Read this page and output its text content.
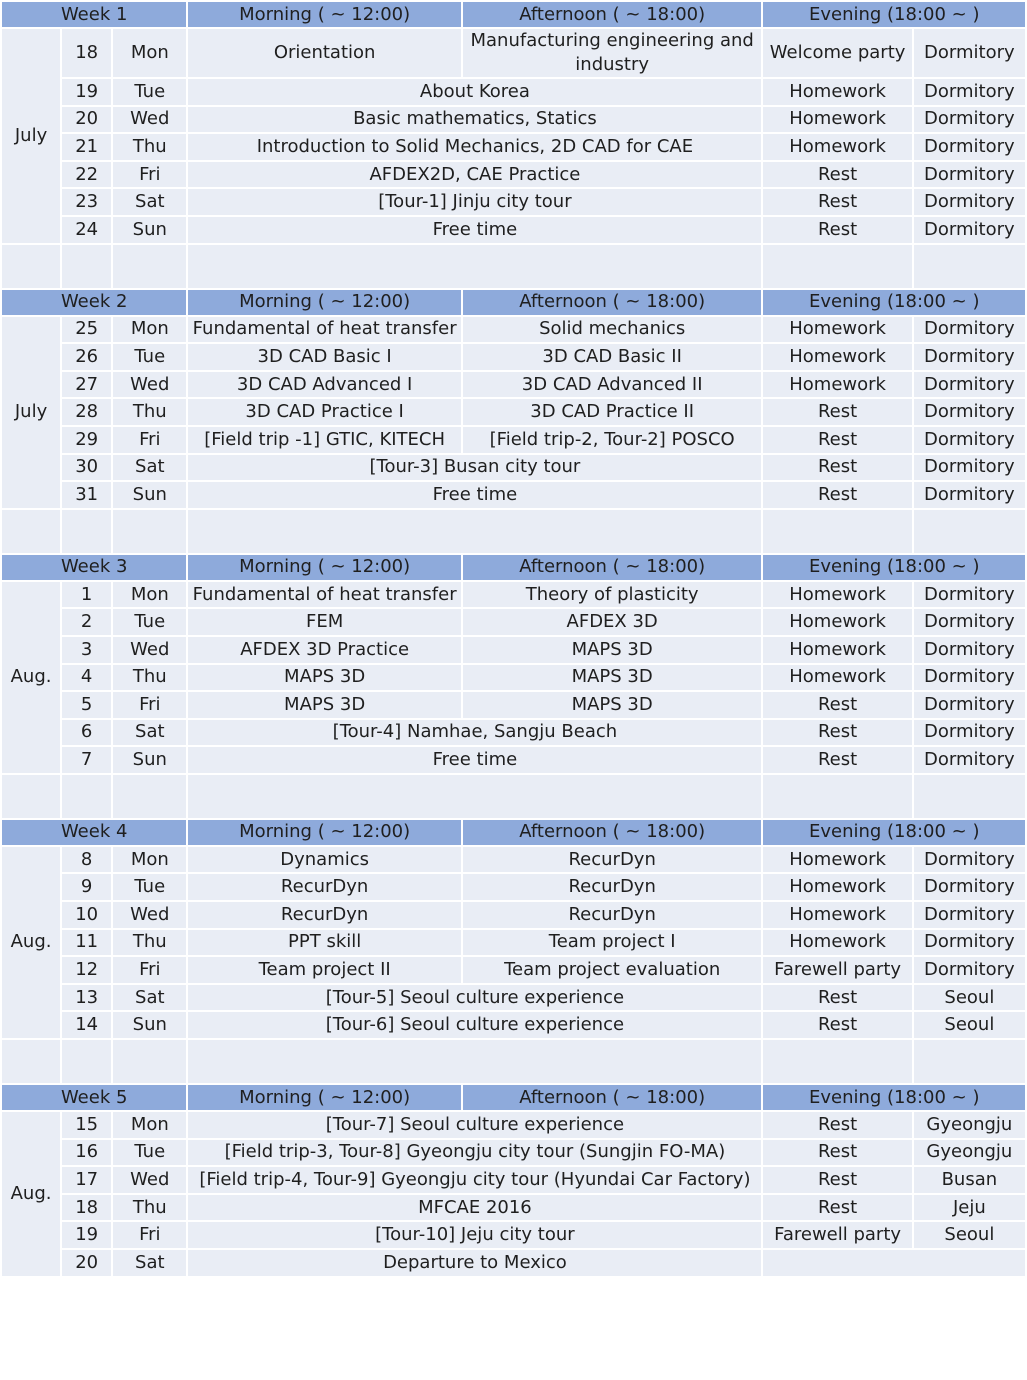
Week 1			Morning ( ~ 12:00)	Afternoon ( ~ 18:00)	Evening (18:00 ~ )	
July	18	Mon	Orientation	Manufacturing engineering and industry	Welcome party	Dormitory
	19	Tue	About Korea		Homework	Dormitory
	20	Wed	Basic mathematics, Statics		Homework	Dormitory
	21	Thu	Introduction to Solid Mechanics, 2D CAD for CAE		Homework	Dormitory
	22	Fri	AFDEX2D, CAE Practice		Rest	Dormitory
	23	Sat	[Tour-1] Jinju city tour		Rest	Dormitory
	24	Sun	Free time		Rest	Dormitory

Week 2			Morning ( ~ 12:00)	Afternoon ( ~ 18:00)	Evening (18:00 ~ )	
July	25	Mon	Fundamental of heat transfer	Solid mechanics	Homework	Dormitory
	26	Tue	3D CAD Basic I	3D CAD Basic II	Homework	Dormitory
	27	Wed	3D CAD Advanced I	3D CAD Advanced II	Homework	Dormitory
	28	Thu	3D CAD Practice I	3D CAD Practice II	Rest	Dormitory
	29	Fri	[Field trip -1] GTIC, KITECH	[Field trip-2, Tour-2] POSCO	Rest	Dormitory
	30	Sat	[Tour-3] Busan city tour		Rest	Dormitory
	31	Sun	Free time		Rest	Dormitory

Week 3			Morning ( ~ 12:00)	Afternoon ( ~ 18:00)	Evening (18:00 ~ )	
Aug.	1	Mon	Fundamental of heat transfer	Theory of plasticity	Homework	Dormitory
	2	Tue	FEM	AFDEX 3D	Homework	Dormitory
	3	Wed	AFDEX 3D Practice	MAPS 3D	Homework	Dormitory
	4	Thu	MAPS 3D	MAPS 3D	Homework	Dormitory
	5	Fri	MAPS 3D	MAPS 3D	Rest	Dormitory
	6	Sat	[Tour-4] Namhae, Sangju Beach		Rest	Dormitory
	7	Sun	Free time		Rest	Dormitory

Week 4			Morning ( ~ 12:00)	Afternoon ( ~ 18:00)	Evening (18:00 ~ )	
Aug.	8	Mon	Dynamics	RecurDyn	Homework	Dormitory
	9	Tue	RecurDyn	RecurDyn	Homework	Dormitory
	10	Wed	RecurDyn	RecurDyn	Homework	Dormitory
	11	Thu	PPT skill	Team project I	Homework	Dormitory
	12	Fri	Team project II	Team project evaluation	Farewell party	Dormitory
	13	Sat	[Tour-5] Seoul culture experience		Rest	Seoul
	14	Sun	[Tour-6] Seoul culture experience		Rest	Seoul

Week 5			Morning ( ~ 12:00)	Afternoon ( ~ 18:00)	Evening (18:00 ~ )	
Aug.	15	Mon	[Tour-7] Seoul culture experience		Rest	Gyeongju
	16	Tue	[Field trip-3, Tour-8] Gyeongju city tour (Sungjin FO-MA)		Rest	Gyeongju
	17	Wed	[Field trip-4, Tour-9] Gyeongju city tour (Hyundai Car Factory)		Rest	Busan
	18	Thu	MFCAE 2016		Rest	Jeju
	19	Fri	[Tour-10] Jeju city tour		Farewell party	Seoul
	20	Sat	Departure to Mexico			
